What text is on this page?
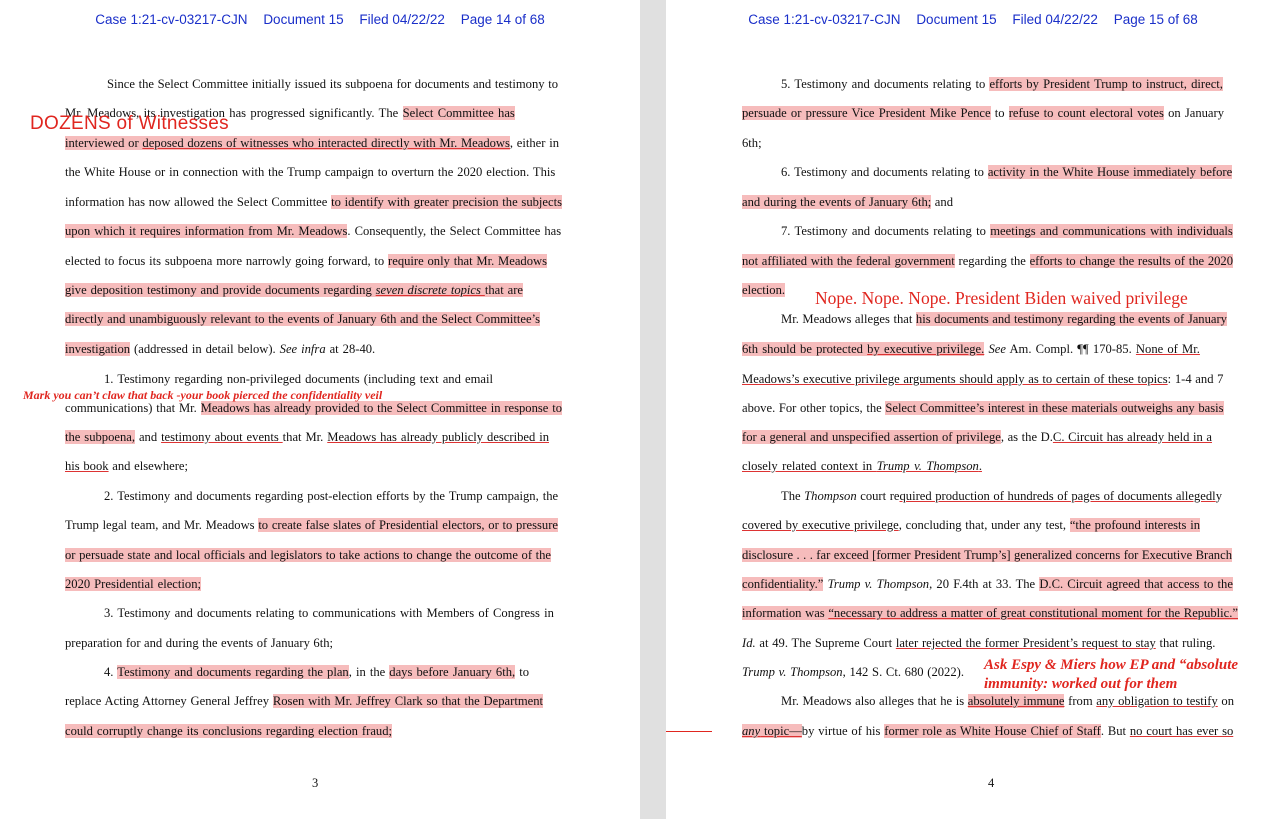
Case 1:21-cv-03217-CJN Document 15 Filed 04/22/22 Page 14 of 68
Since the Select Committee initially issued its subpoena for documents and testimony to
Mr. Meadows, its investigation has progressed significantly. The Select Committee has
interviewed or deposed dozens of witnesses who interacted directly with Mr. Meadows, either in
the White House or in connection with the Trump campaign to overturn the 2020 election. This
information has now allowed the Select Committee to identify with greater precision the subjects
upon which it requires information from Mr. Meadows. Consequently, the Select Committee has
elected to focus its subpoena more narrowly going forward, to require only that Mr. Meadows
give deposition testimony and provide documents regarding seven discrete topics that are
directly and unambiguously relevant to the events of January 6th and the Select Committee’s
investigation (addressed in detail below). See infra at 28-40.
1. Testimony regarding non-privileged documents (including text and email
communications) that Mr. Meadows has already provided to the Select Committee in response to
the subpoena, and testimony about events that Mr. Meadows has already publicly described in
his book and elsewhere;
2. Testimony and documents regarding post-election efforts by the Trump campaign, the
Trump legal team, and Mr. Meadows to create false slates of Presidential electors, or to pressure
or persuade state and local officials and legislators to take actions to change the outcome of the
2020 Presidential election;
3. Testimony and documents relating to communications with Members of Congress in
preparation for and during the events of January 6th;
4. Testimony and documents regarding the plan, in the days before January 6th, to
replace Acting Attorney General Jeffrey Rosen with Mr. Jeffrey Clark so that the Department
could corruptly change its conclusions regarding election fraud;
3
DOZENS of Witnesses
Mark you can’t claw that back -your book pierced the confidentiality veil
Case 1:21-cv-03217-CJN Document 15 Filed 04/22/22 Page 15 of 68
5. Testimony and documents relating to efforts by President Trump to instruct, direct,
persuade or pressure Vice President Mike Pence to refuse to count electoral votes on January
6th;
6. Testimony and documents relating to activity in the White House immediately before
and during the events of January 6th; and
7. Testimony and documents relating to meetings and communications with individuals
not affiliated with the federal government regarding the efforts to change the results of the 2020
election.
Mr. Meadows alleges that his documents and testimony regarding the events of January
6th should be protected by executive privilege. See Am. Compl. ¶¶ 170-85. None of Mr.
Meadows’s executive privilege arguments should apply as to certain of these topics: 1-4 and 7
above. For other topics, the Select Committee’s interest in these materials outweighs any basis
for a general and unspecified assertion of privilege, as the D.C. Circuit has already held in a
closely related context in Trump v. Thompson.
The Thompson court required production of hundreds of pages of documents allegedly
covered by executive privilege, concluding that, under any test, “the profound interests in
disclosure . . . far exceed [former President Trump’s] generalized concerns for Executive Branch
confidentiality.” Trump v. Thompson, 20 F.4th at 33. The D.C. Circuit agreed that access to the
information was “necessary to address a matter of great constitutional moment for the Republic.”
Id. at 49. The Supreme Court later rejected the former President’s request to stay that ruling.
Trump v. Thompson, 142 S. Ct. 680 (2022).
Mr. Meadows also alleges that he is absolutely immune from any obligation to testify on
any topic—by virtue of his former role as White House Chief of Staff. But no court has ever so
4
Nope. Nope. Nope. President Biden waived privilege
Ask Espy & Miers how EP and “absolute
immunity: worked out for them
